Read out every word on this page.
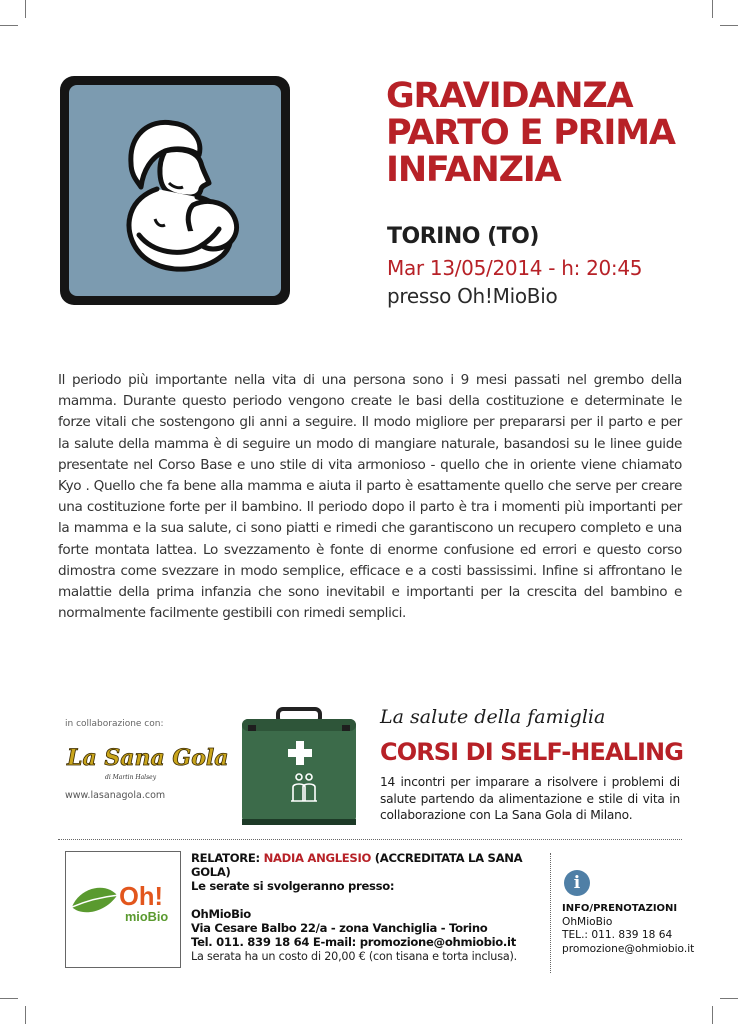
GRAVIDANZA
PARTO E PRIMA
INFANZIA
TORINO (TO)
Mar 13/05/2014 - h: 20:45
presso Oh!MioBio
Il periodo più importante nella vita di una persona sono i 9 mesi passati nel grembo della mamma. Durante questo periodo vengono create le basi della costituzione e determinate le forze vitali che sostengono gli anni a seguire. Il modo migliore per prepararsi per il parto e per la salute della mamma è di seguire un modo di mangiare naturale, basandosi su le linee guide presentate nel Corso Base e uno stile di vita armonioso - quello che in oriente viene chiamato Kyo . Quello che fa bene alla mamma e aiuta il parto è esattamente quello che serve per creare una costituzione forte per il bambino. Il periodo dopo il parto è tra i momenti più importanti per la mamma e la sua salute, ci sono piatti e rimedi che garantiscono un recupero completo e una forte montata lattea. Lo svezzamento è fonte di enorme confusione ed errori e questo corso dimostra come svezzare in modo semplice, efficace e a costi bassissimi. Infine si affrontano le malattie della prima infanzia che sono inevitabil e importanti per la crescita del bambino e normalmente facilmente gestibili con rimedi semplici.
in collaborazione con:
La Sana Gola
di Martin Halsey
www.lasanagola.com
La salute della famiglia
CORSI DI SELF-HEALING
14 incontri per imparare a risolvere i problemi di salute partendo da alimentazione e stile di vita in collaborazione con La Sana Gola di Milano.
Oh!
mioBio
RELATORE: NADIA ANGLESIO (ACCREDITATA LA SANA GOLA)
Le serate si svolgeranno presso:
OhMioBio
Via Cesare Balbo 22/a - zona Vanchiglia - Torino
Tel. 011. 839 18 64 E-mail: promozione@ohmiobio.it
La serata ha un costo di 20,00 € (con tisana e torta inclusa).
i
INFO/PRENOTAZIONI
OhMioBio
TEL.: 011. 839 18 64
promozione@ohmiobio.it
